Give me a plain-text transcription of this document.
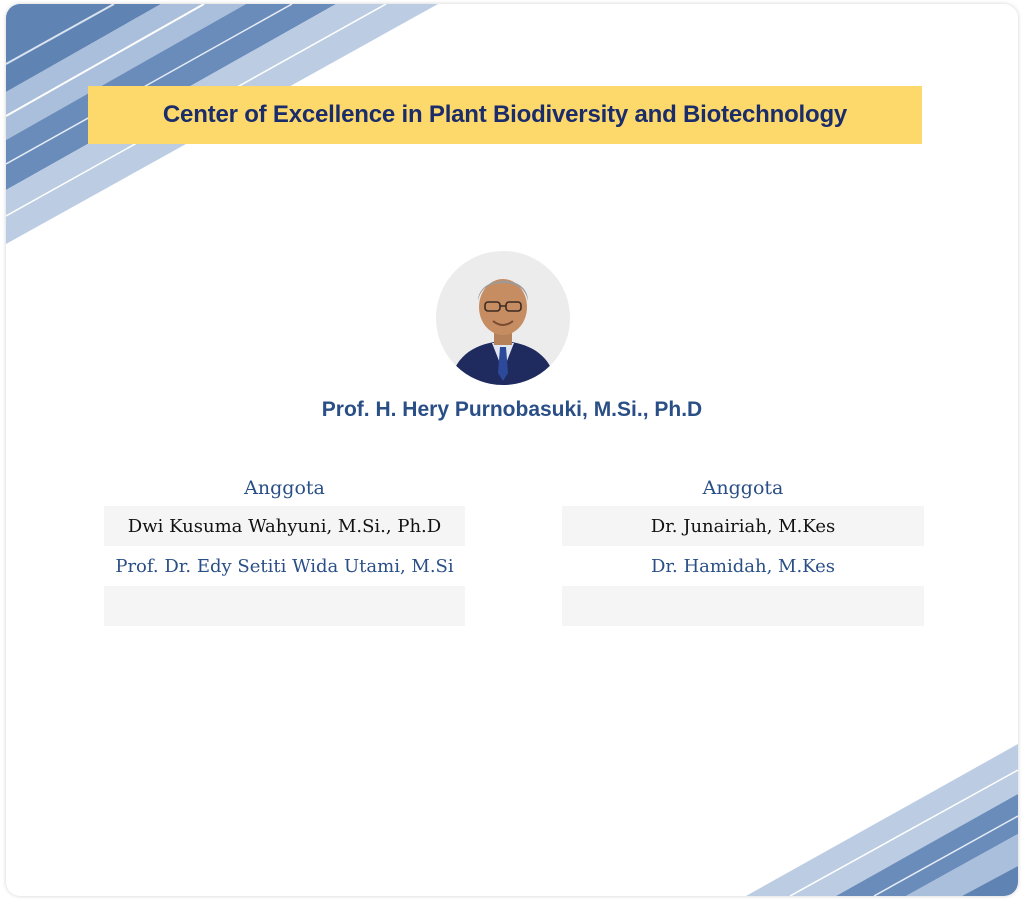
Center of Excellence in Plant Biodiversity and Biotechnology
Prof. H. Hery Purnobasuki, M.Si., Ph.D
Anggota
Dwi Kusuma Wahyuni, M.Si., Ph.D
Prof. Dr. Edy Setiti Wida Utami, M.Si
Anggota
Dr. Junairiah, M.Kes
Dr. Hamidah, M.Kes
